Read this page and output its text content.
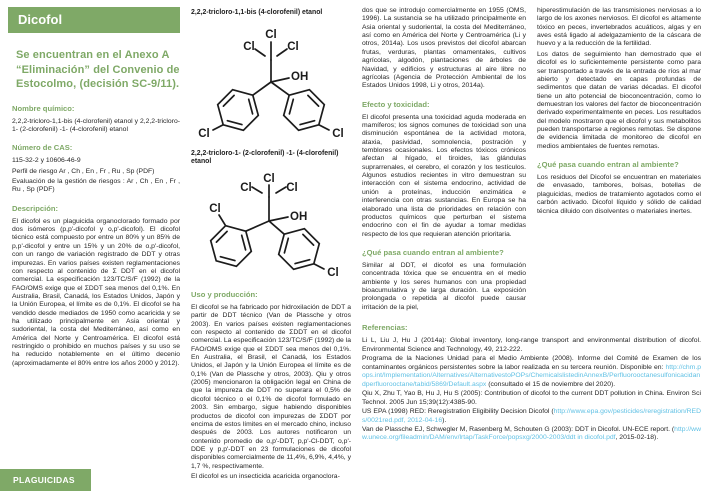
Dicofol

Se encuentran en el Anexo A “Eliminación” del Convenio de Estocolmo, (decisión SC-9/11).

Nombre químico:

2,2,2-tricloro-1,1-bis (4-clorofenil) etanol y 2,2,2-tricloro-1- (2-clorofenil) -1- (4-clorofenil) etanol

Número de CAS:

115-32-2 y 10606-46-9

Perfil de riesgo Ar , Ch , En , Fr , Ru , Sp (PDF)

Evaluación de la gestión de riesgos : Ar , Ch , En , Fr , Ru , Sp (PDF)

Descripción:

El dicofol es un plaguicida organoclorado formado por dos isómeros (p,p'-dicofol y o,p'-dicofol). El dicofol técnico está compuesto por entre un 80% y un 85% de p,p'-dicofol y entre un 15% y un 20% de o,p'-dicofol, con un rango de variación registrado de DDT y otras impurezas. En varios países existen reglamentaciones con respecto al contenido de Σ DDT en el dicofol comercial. La especificación 123/TC/S/F (1992) de la FAO/OMS exige que el ΣDDT sea menos del 0,1%. En Australia, Brasil, Canadá, los Estados Unidos, Japón y la Unión Europea, el límite es de 0,1%. El dicofol se ha vendido desde mediados de 1950 como acaricida y se ha utilizado principalmente en Asia oriental y sudoriental, la costa del Mediterráneo, así como en América del Norte y Centroamérica. El dicofol está restringido o prohibido en muchos países y su uso se ha reducido notablemente en el último decenio (aproximadamente el 80% entre los años 2000 y 2012).

2,2,2-tricloro-1,1-bis (4-clorofenil) etanol
Cl
Cl	Cl
OH
Cl	Cl
2,2,2-tricloro-1- (2-clorofenil) -1- (4-clorofenil) etanol
Cl
Cl	Cl
Cl
OH
Cl
Uso y producción:

El dicofol se ha fabricado por hidroxilación de DDT a partir de DDT técnico (Van de Plassche y otros 2003). En varios países existen reglamentaciones con respecto al contenido de ΣDDT en el dicofol comercial. La especificación 123/TC/S/F (1992) de la FAO/OMS exige que el ΣDDT sea menos del 0,1%. En Australia, el Brasil, el Canadá, los Estados Unidos, el Japón y la Unión Europea el límite es de 0,1% (Van de Plassche y otros, 2003). Qiu y otros (2005) mencionaron la obligación legal en China de que la impureza de DDT no superara el 0,5% de dicofol técnico o el 0,1% de dicofol formulado en 2003. Sin embargo, sigue habiendo disponibles productos de dicofol con impurezas de ΣDDT por encima de estos límites en el mercado chino, incluso después de 2003. Los autores notificaron un contenido promedio de o,p'-DDT, p,p'-Cl-DDT, o,p'-DDE y p,p'-DDT en 23 formulaciones de dicofol disponibles comercialmente de 11,4%, 6,9%, 4,4%, y 1,7 %, respectivamente.

El dicofol es un insecticida acaricida organoclora-

dos que se introdujo comercialmente en 1955 (OMS, 1996). La sustancia se ha utilizado principalmente en Asia oriental y sudoriental, la costa del Mediterráneo, así como en América del Norte y Centroamérica (Li y otros, 2014a). Los usos previstos del dicofol abarcan frutas, verduras, plantas ornamentales, cultivos agrícolas, algodón, plantaciones de árboles de Navidad, y edificios y estructuras al aire libre no agrícolas (Agencia de Protección Ambiental de los Estados Unidos 1998, Li y otros, 2014a).

Efecto y toxicidad:

El dicofol presenta una toxicidad aguda moderada en mamíferos; los signos comunes de toxicidad son una disminución espontánea de la actividad motora, ataxia, pasividad, somnolencia, postración y temblores ocasionales. Los efectos tóxicos crónicos afectan al hígado, el tiroides, las glándulas suprarrenales, el cerebro, el corazón y los testículos. Algunos estudios recientes in vitro demuestran su interacción con el sistema endocrino, actividad de unión a proteínas, inducción enzimática e interferencia con otras sustancias. En Europa se ha elaborado una lista de prioridades en relación con productos químicos que perturban el sistema endocrino con el fin de ayudar a tomar medidas respecto de los que requieran atención prioritaria.

¿Qué pasa cuando entran al ambiente?

Similar al DDT, el dicofol es una formulación concentrada tóxica que se encuentra en el medio ambiente y los seres humanos con una propiedad bioacumulativa y de larga duración. La exposición prolongada o repetida al dicofol puede causar irritación de la piel,

hiperestimulación de las transmisiones nerviosas a lo largo de los axones nerviosos. El dicofol es altamente tóxico en peces, invertebrados acuáticos, algas y en aves está ligado al adelgazamiento de la cáscara de huevo y a la reducción de la fertilidad.

Los datos de seguimiento han demostrado que el dicofol es lo suficientemente persistente como para ser transportado a través de la entrada de ríos al mar abierto y detectado en capas profundas de sedimentos que datan de varias décadas. El dicofol tiene un alto potencial de bioconcentración, como lo demuestran los valores del factor de bioconcentración derivado experimentalmente en peces. Los resultados del modelo mostraron que el dicofol y sus metabolitos pueden transportarse a regiones remotas. Se dispone de evidencia limitada de monitoreo de dicofol en medios ambientales de fuentes remotas.

¿Qué pasa cuando entran al ambiente?

Los residuos del Dicofol se encuentran en materiales de envasado, tambores, bolsas, botellas de plaguicidas, medios de tratamiento agotados como el carbón activado. Dicofol líquido y sólido de calidad técnica diluido con disolventes o materiales inertes.

Referencias:

Li L, Liu J, Hu J (2014a): Global inventory, long-range transport and environmental distribution of dicofol. Environmental Science and Technology, 49, 212-222.

Programa de la Naciones Unidad para el Medio Ambiente (2008). Informe del Comité de Examen de los contaminantes orgánicos persistentes sobre la labor realizada en su tercera reunión. Disponible en: http://chm.pops.int/Implementation/Alternatives/AlternativestoPOPs/ChemicalslistedinAnnexB/Perfluorooctanesulfonicacidandperfluorooctane/tabid/5869/Default.aspx (consultado el 15 de noviembre del 2020).

Qiu X, Zhu T, Yao B, Hu J, Hu S (2005): Contribution of dicofol to the current DDT pollution in China. Environ Sci Technol. 2005 Jun 15;39(12):4385-90.

US EPA (1998) RED: Reregistration Eligibility Decision Dicofol (http://www.epa.gov/pesticides/reregistration/REDs/0021red.pdf, 2012-04-16).

Van de Plassche EJ, Schwegler M, Rasenberg M, Schouten G (2003): DDT in Dicofol. UN-ECE report. (http://www.unece.org/fileadmin/DAM/env/lrtap/TaskForce/popsxg/2000-2003/ddt in dicofol.pdf, 2015-02-18).

PLAGUICIDAS
